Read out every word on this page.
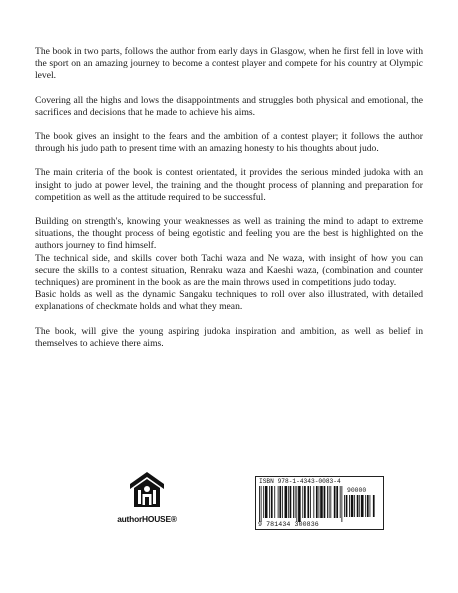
The book in two parts, follows the author from early days in Glasgow, when he first fell in love with the sport on an amazing journey to become a contest player and compete for his country at Olympic level.

Covering all the highs and lows the disappointments and struggles both physical and emotional, the sacrifices and decisions that he made to achieve his aims.

The book gives an insight to the fears and the ambition of a contest player; it follows the author through his judo path to present time with an amazing honesty to his thoughts about judo.

The main criteria of the book is contest orientated, it provides the serious minded judoka with an insight to judo at power level, the training and the thought process of planning and preparation for competition as well as the attitude required to be successful.

Building on strength's, knowing your weaknesses as well as training the mind to adapt to extreme situations, the thought process of being egotistic and feeling you are the best is highlighted on the authors journey to find himself.

The technical side, and skills cover both Tachi waza and Ne waza, with insight of how you can secure the skills to a contest situation, Renraku waza and Kaeshi waza, (combination and counter techniques) are prominent in the book as are the main throws used in competitions judo today.

Basic holds as well as the dynamic Sangaku techniques to roll over also illustrated, with detailed explanations of checkmate holds and what they mean.

The book, will give the young aspiring judoka inspiration and ambition, as well as belief in themselves to achieve there aims.

authorHOUSE®
ISBN 978-1-4343-0083-4
90000
9 781434 300836
